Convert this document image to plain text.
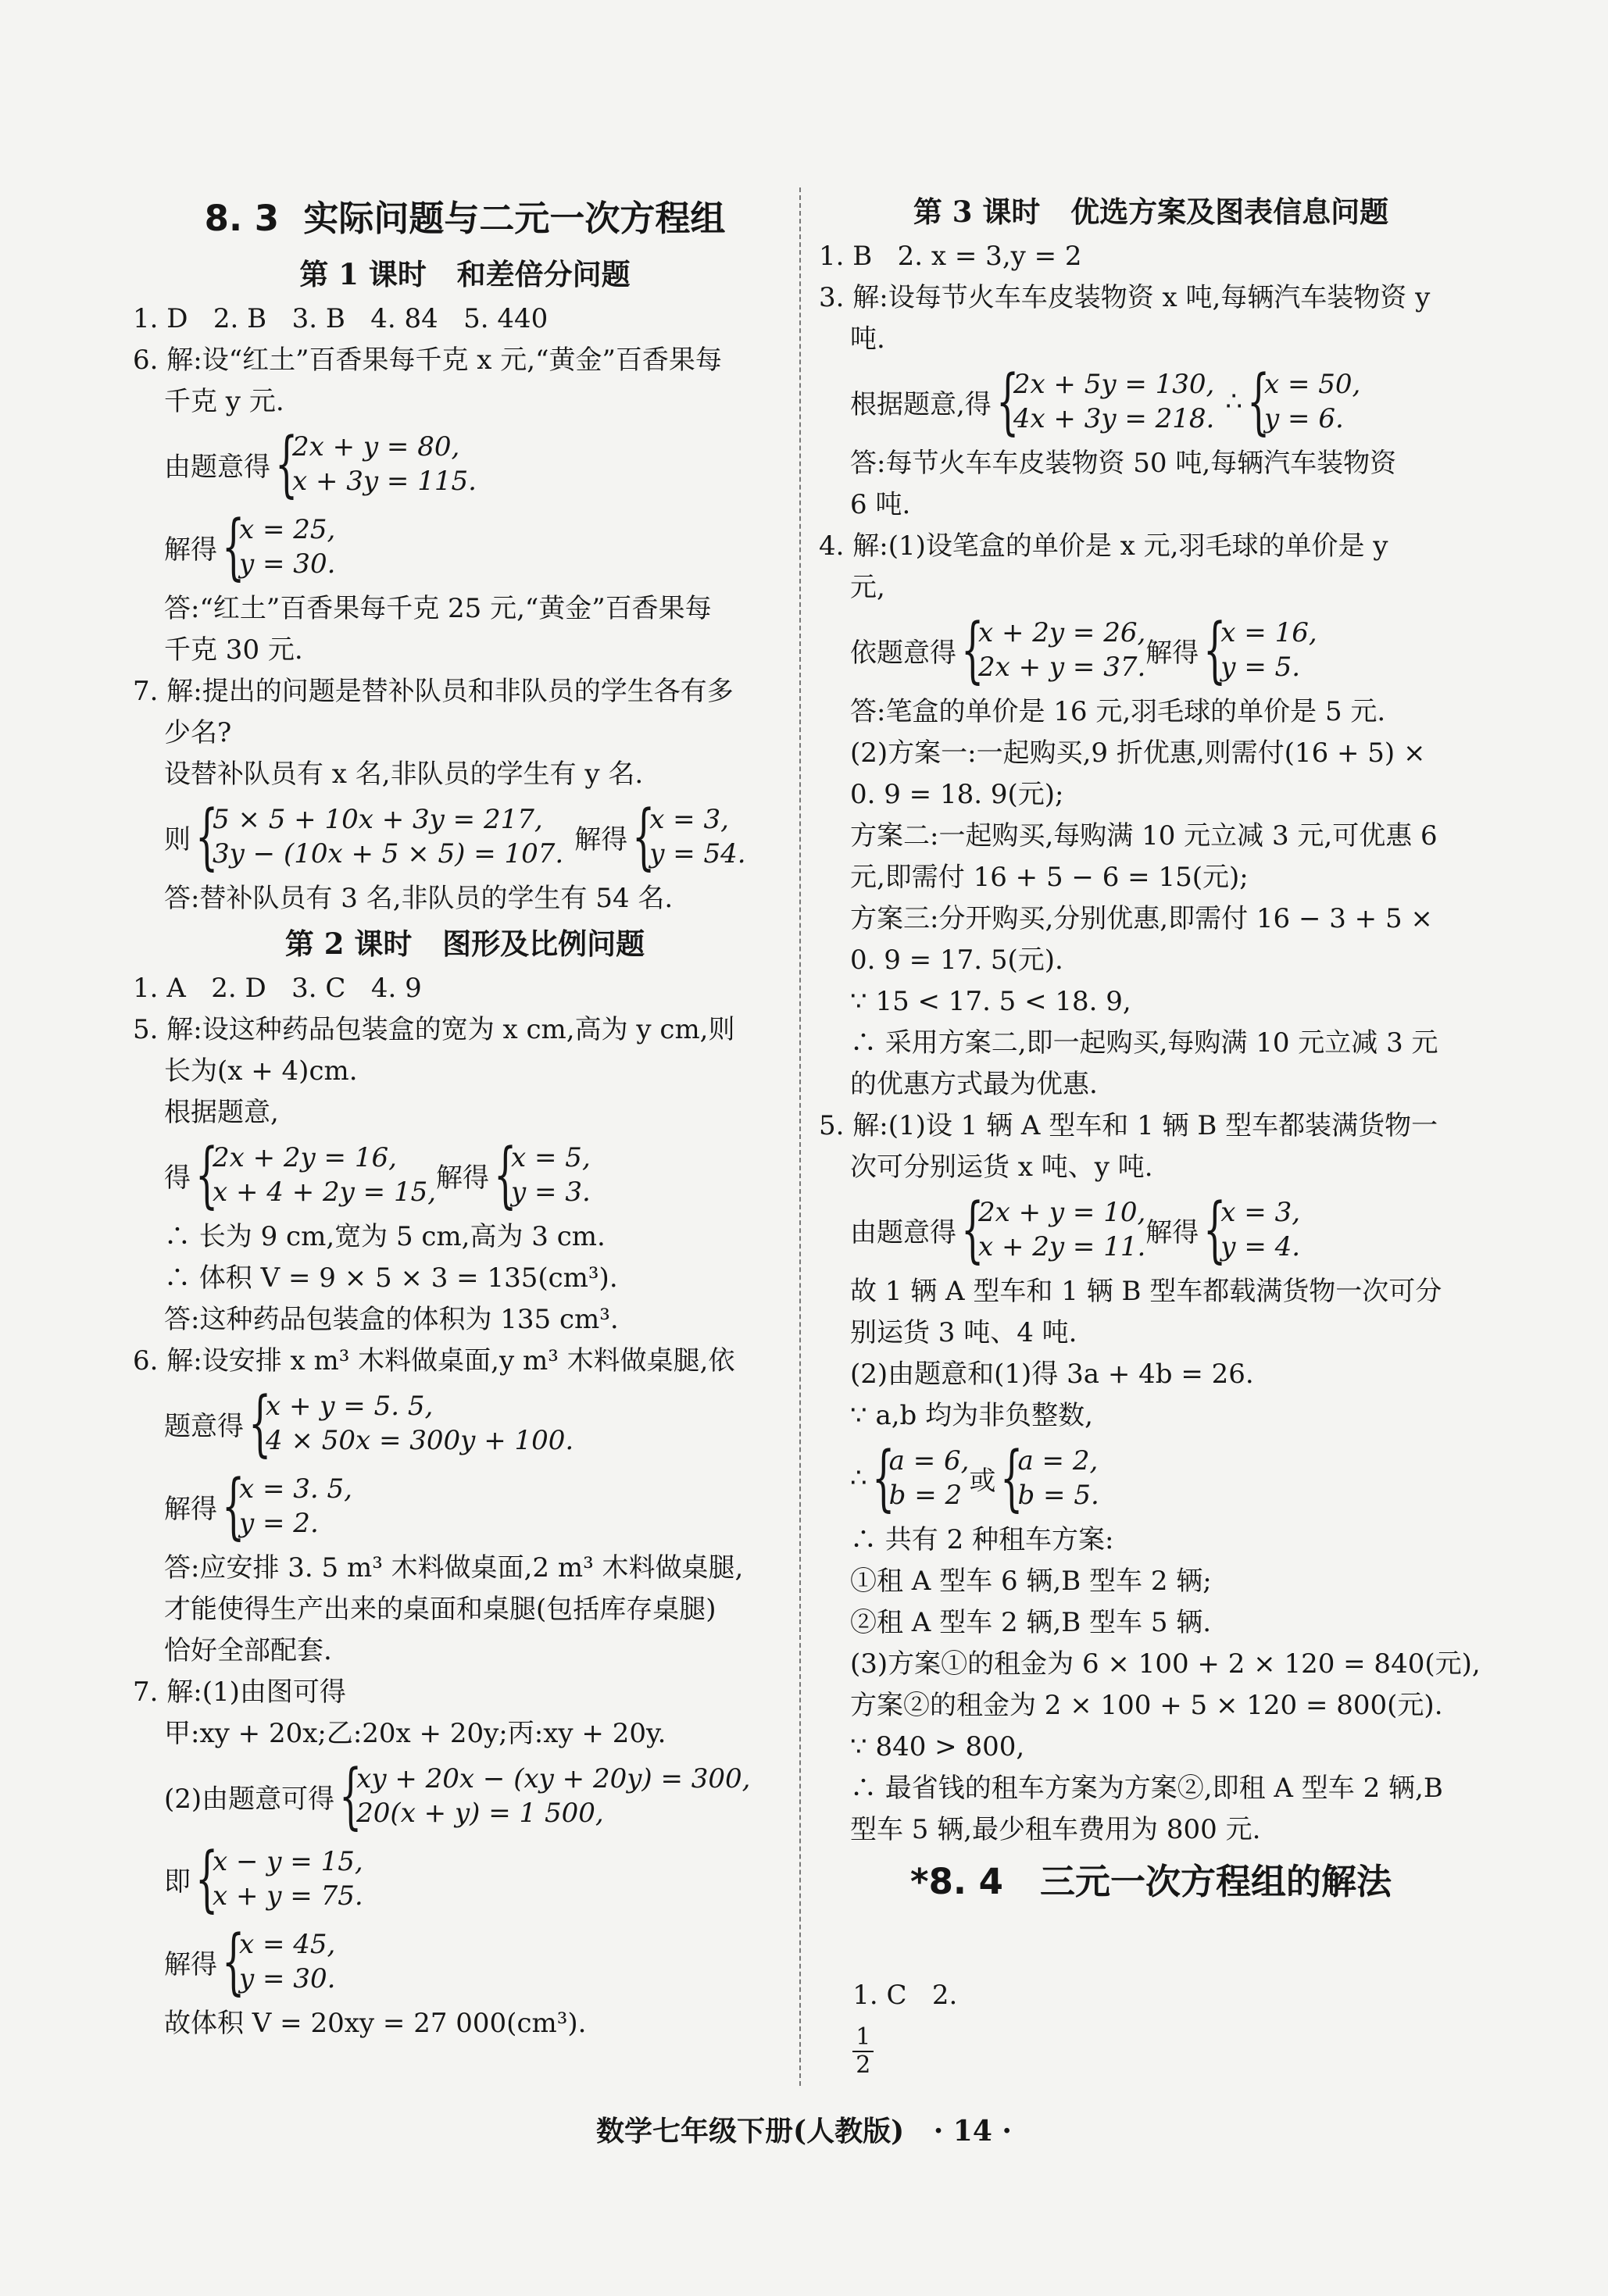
8. 3  实际问题与二元一次方程组
第 1 课时   和差倍分问题
1. D   2. B   3. B   4. 84   5. 440
6. 解:设“红土”百香果每千克 x 元,“黄金”百香果每
千克 y 元.
由题意得 {
2x + y = 80,
x + 3y = 115.
解得 {
x = 25,
y = 30.
答:“红土”百香果每千克 25 元,“黄金”百香果每
千克 30 元.
7. 解:提出的问题是替补队员和非队员的学生各有多
少名?
设替补队员有 x 名,非队员的学生有 y 名.
则 {
5 × 5 + 10x + 3y = 217,
3y − (10x + 5 × 5) = 107. 解得 {
x = 3,
y = 54.
答:替补队员有 3 名,非队员的学生有 54 名.
第 2 课时   图形及比例问题
1. A   2. D   3. C   4. 9
5. 解:设这种药品包装盒的宽为 x cm,高为 y cm,则
长为(x + 4)cm.
根据题意,
得 {
2x + 2y = 16,
x + 4 + 2y = 15, 解得 {
x = 5,
y = 3.
∴ 长为 9 cm,宽为 5 cm,高为 3 cm.
∴ 体积 V = 9 × 5 × 3 = 135(cm³).
答:这种药品包装盒的体积为 135 cm³.
6. 解:设安排 x m³ 木料做桌面,y m³ 木料做桌腿,依
题意得 {
x + y = 5. 5,
4 × 50x = 300y + 100.
解得 {
x = 3. 5,
y = 2.
答:应安排 3. 5 m³ 木料做桌面,2 m³ 木料做桌腿,
才能使得生产出来的桌面和桌腿(包括库存桌腿)
恰好全部配套.
7. 解:(1)由图可得
甲:xy + 20x;乙:20x + 20y;丙:xy + 20y.
(2)由题意可得 {
xy + 20x − (xy + 20y) = 300,
20(x + y) = 1 500,
即 {
x − y = 15,
x + y = 75.
解得 {
x = 45,
y = 30.
故体积 V = 20xy = 27 000(cm³).
第 3 课时   优选方案及图表信息问题
1. B   2. x = 3,y = 2
3. 解:设每节火车车皮装物资 x 吨,每辆汽车装物资 y
吨.
根据题意,得 {
2x + 5y = 130,
4x + 3y = 218.
∴ {
x = 50,
y = 6.
答:每节火车车皮装物资 50 吨,每辆汽车装物资
6 吨.
4. 解:(1)设笔盒的单价是 x 元,羽毛球的单价是 y
元,
依题意得 {
x + 2y = 26,
2x + y = 37. 解得 {
x = 16,
y = 5.
答:笔盒的单价是 16 元,羽毛球的单价是 5 元.
(2)方案一:一起购买,9 折优惠,则需付(16 + 5) ×
0. 9 = 18. 9(元);
方案二:一起购买,每购满 10 元立减 3 元,可优惠 6
元,即需付 16 + 5 − 6 = 15(元);
方案三:分开购买,分别优惠,即需付 16 − 3 + 5 ×
0. 9 = 17. 5(元).
∵ 15 < 17. 5 < 18. 9,
∴ 采用方案二,即一起购买,每购满 10 元立减 3 元
的优惠方式最为优惠.
5. 解:(1)设 1 辆 A 型车和 1 辆 B 型车都装满货物一
次可分别运货 x 吨、y 吨.
由题意得 {
2x + y = 10,
x + 2y = 11. 解得 {
x = 3,
y = 4.
故 1 辆 A 型车和 1 辆 B 型车都载满货物一次可分
别运货 3 吨、4 吨.
(2)由题意和(1)得 3a + 4b = 26.
∵ a,b 均为非负整数,
∴ {
a = 6,
b = 2 或 {
a = 2,
b = 5.
∴ 共有 2 种租车方案:
①租 A 型车 6 辆,B 型车 2 辆;
②租 A 型车 2 辆,B 型车 5 辆.
(3)方案①的租金为 6 × 100 + 2 × 120 = 840(元),
方案②的租金为 2 × 100 + 5 × 120 = 800(元).
∵ 840 > 800,
∴ 最省钱的租车方案为方案②,即租 A 型车 2 辆,B
型车 5 辆,最少租车费用为 800 元.
*8. 4   三元一次方程组的解法

1. C   2.

$\frac{1}{2}$

数学七年级下册(人教版)   · 14 ·
